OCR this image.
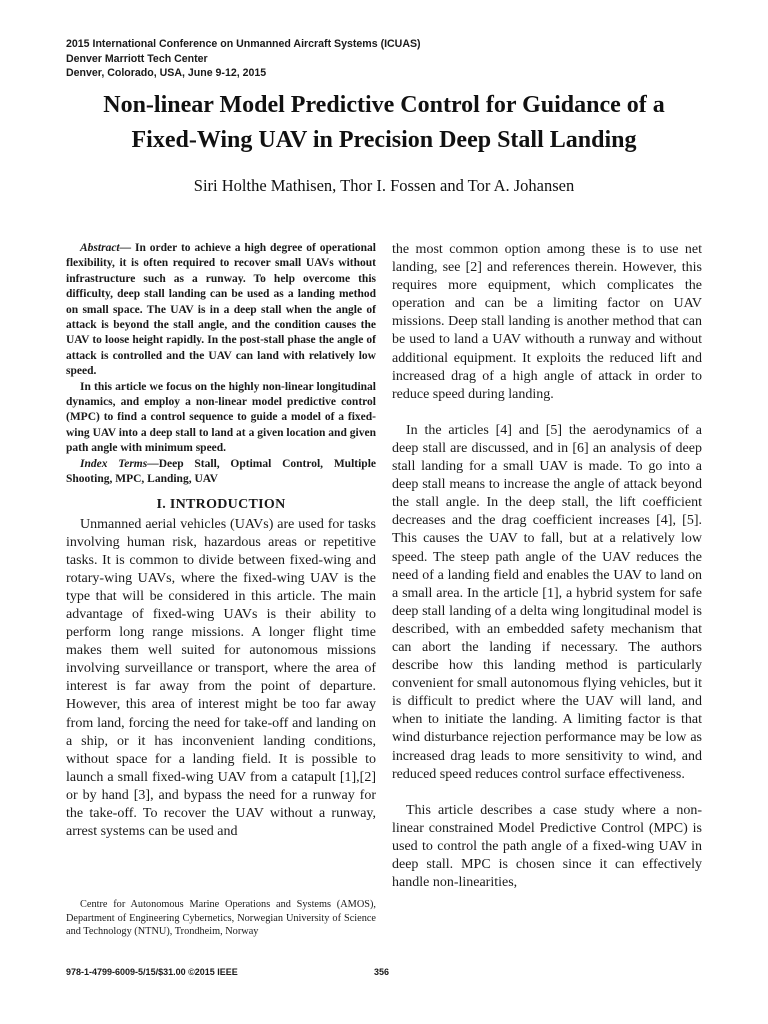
2015 International Conference on Unmanned Aircraft Systems (ICUAS)
Denver Marriott Tech Center
Denver, Colorado, USA, June 9-12, 2015
Non-linear Model Predictive Control for Guidance of a
Fixed-Wing UAV in Precision Deep Stall Landing
Siri Holthe Mathisen, Thor I. Fossen and Tor A. Johansen

Abstract— In order to achieve a high degree of operational flexibility, it is often required to recover small UAVs without infrastructure such as a runway. To help overcome this difficulty, deep stall landing can be used as a landing method on small space. The UAV is in a deep stall when the angle of attack is beyond the stall angle, and the condition causes the UAV to loose height rapidly. In the post-stall phase the angle of attack is controlled and the UAV can land with relatively low speed.

In this article we focus on the highly non-linear longitudinal dynamics, and employ a non-linear model predictive control (MPC) to find a control sequence to guide a model of a fixed-wing UAV into a deep stall to land at a given location and given path angle with minimum speed.

Index Terms—Deep Stall, Optimal Control, Multiple Shooting, MPC, Landing, UAV

I. INTRODUCTION

Unmanned aerial vehicles (UAVs) are used for tasks involving human risk, hazardous areas or repetitive tasks. It is common to divide between fixed-wing and rotary-wing UAVs, where the fixed-wing UAV is the type that will be considered in this article. The main advantage of fixed-wing UAVs is their ability to perform long range missions. A longer flight time makes them well suited for autonomous missions involving surveillance or transport, where the area of interest is far away from the point of departure. However, this area of interest might be too far away from land, forcing the need for take-off and landing on a ship, or it has inconvenient landing conditions, without space for a landing field. It is possible to launch a small fixed-wing UAV from a catapult [1],[2] or by hand [3], and bypass the need for a runway for the take-off. To recover the UAV without a runway, arrest systems can be used and

the most common option among these is to use net landing, see [2] and references therein. However, this requires more equipment, which complicates the operation and can be a limiting factor on UAV missions. Deep stall landing is another method that can be used to land a UAV withouth a runway and without additional equipment. It exploits the reduced lift and increased drag of a high angle of attack in order to reduce speed during landing.

In the articles [4] and [5] the aerodynamics of a deep stall are discussed, and in [6] an analysis of deep stall landing for a small UAV is made. To go into a deep stall means to increase the angle of attack beyond the stall angle. In the deep stall, the lift coefficient decreases and the drag coefficient increases [4], [5]. This causes the UAV to fall, but at a relatively low speed. The steep path angle of the UAV reduces the need of a landing field and enables the UAV to land on a small area. In the article [1], a hybrid system for safe deep stall landing of a delta wing longitudinal model is described, with an embedded safety mechanism that can abort the landing if necessary. The authors describe how this landing method is particularly convenient for small autonomous flying vehicles, but it is difficult to predict where the UAV will land, and when to initiate the landing. A limiting factor is that wind disturbance rejection performance may be low as increased drag leads to more sensitivity to wind, and reduced speed reduces control surface effectiveness.

This article describes a case study where a non-linear constrained Model Predictive Control (MPC) is used to control the path angle of a fixed-wing UAV in deep stall. MPC is chosen since it can effectively handle non-linearities,

Centre for Autonomous Marine Operations and Systems (AMOS), Department of Engineering Cybernetics, Norwegian University of Science and Technology (NTNU), Trondheim, Norway

978-1-4799-6009-5/15/$31.00 ©2015 IEEE	356
